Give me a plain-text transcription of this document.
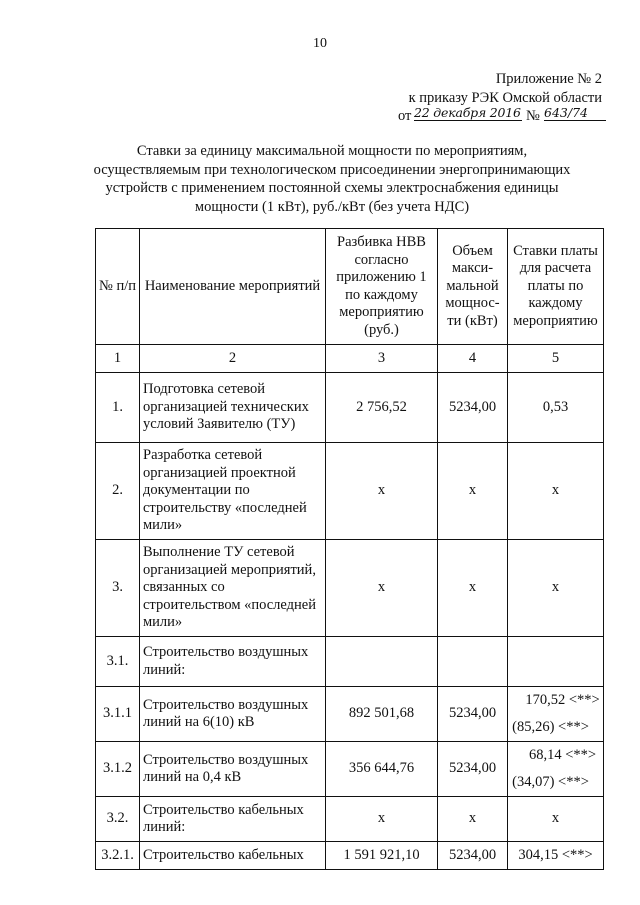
10
Приложение № 2
к приказу РЭК Омской области
от 22 декабря 2016 № 643/74
Ставки за единицу максимальной мощности по мероприятиям,
осуществляемым при технологическом присоединении энергопринимающих
устройств с применением постоянной схемы электроснабжения единицы
мощности (1 кВт), руб./кВт (без учета НДС)
№ п/п	Наименование мероприятий	Разбивка НВВ согласно приложению 1 по каждому мероприятию (руб.)	Объем макси-мальной мощнос-ти (кВт)	Ставки платы для расчета платы по каждому мероприятию
1	2	3	4	5
1.	Подготовка сетевой организацией технических условий Заявителю (ТУ)	2 756,52	5234,00	0,53
2.	Разработка сетевой организацией проектной документации по строительству «последней мили»	х	х	х
3.	Выполнение ТУ сетевой организацией мероприятий, связанных со строительством «последней мили»	х	х	х
3.1.	Строительство воздушных линий:			
3.1.1	Строительство воздушных линий на 6(10) кВ	892 501,68	5234,00	170,52 <**>
(85,26) <**>

3.1.2	Строительство воздушных линий на 0,4 кВ	356 644,76	5234,00	68,14 <**>
(34,07) <**>

3.2.	Строительство кабельных линий:	х	х	х
3.2.1.	Строительство кабельных	1 591 921,10	5234,00	304,15 <**>
